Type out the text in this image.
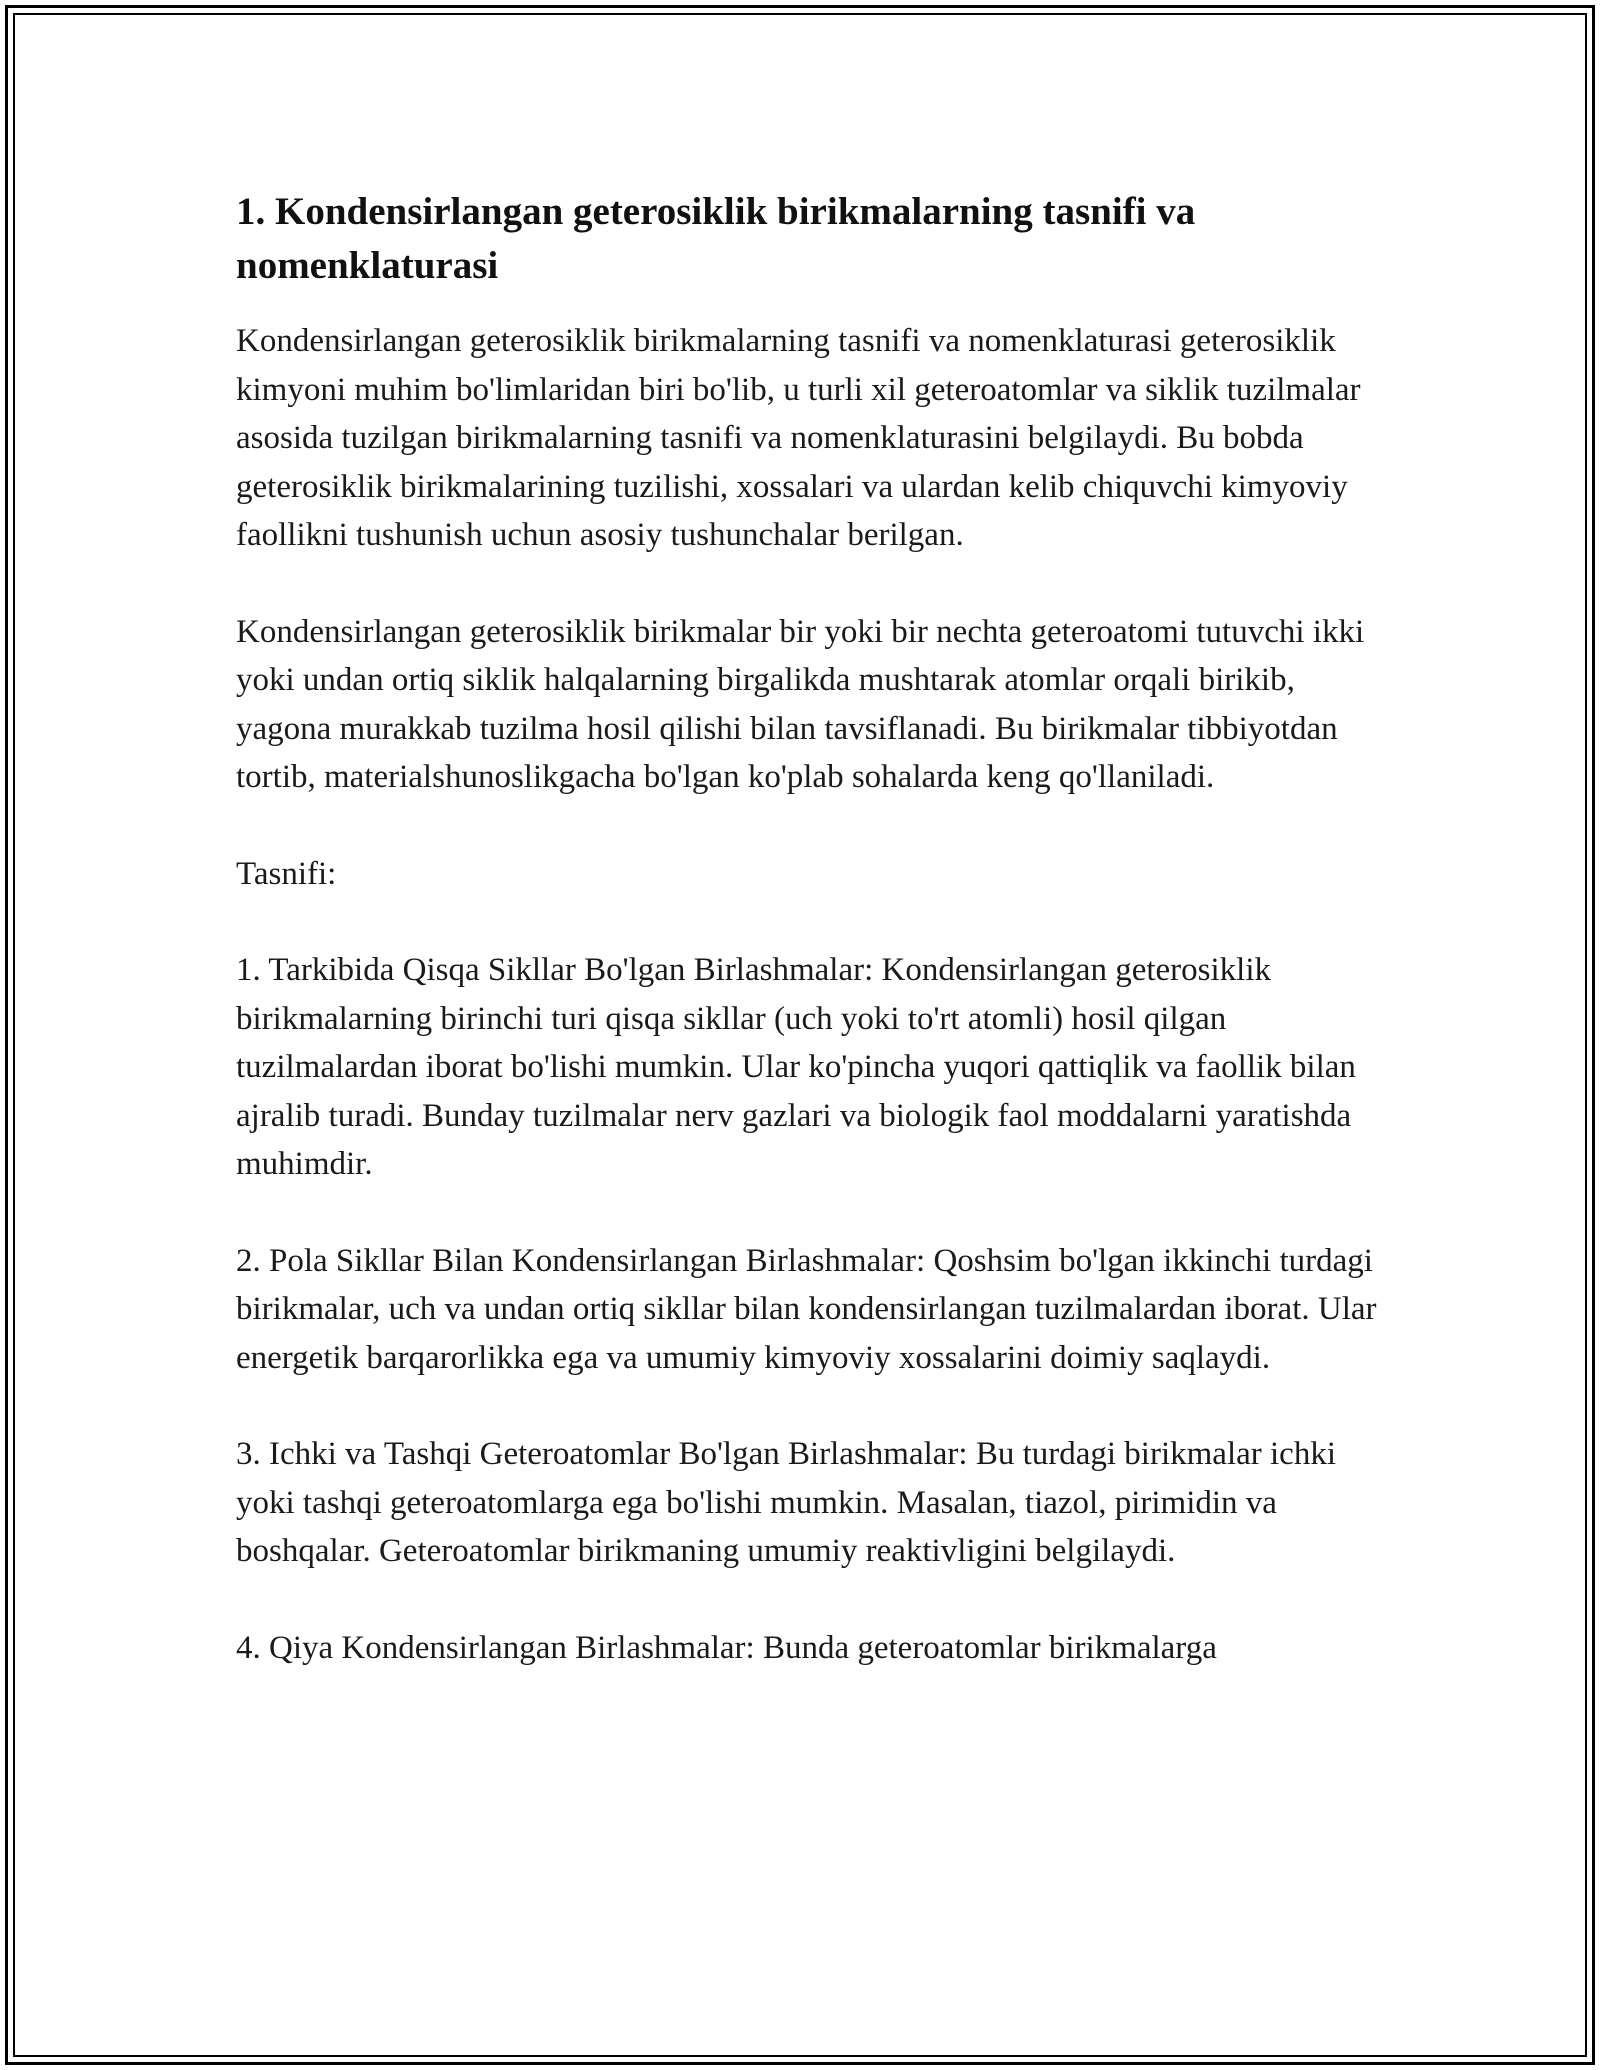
1. Kondensirlangan geterosiklik birikmalarning tasnifi va nomenklaturasi

Kondensirlangan geterosiklik birikmalarning tasnifi va nomenklaturasi geterosiklik kimyoni muhim bo'limlaridan biri bo'lib, u turli xil geteroatomlar va siklik tuzilmalar asosida tuzilgan birikmalarning tasnifi va nomenklaturasini belgilaydi. Bu bobda geterosiklik birikmalarining tuzilishi, xossalari va ulardan kelib chiquvchi kimyoviy faollikni tushunish uchun asosiy tushunchalar berilgan.

Kondensirlangan geterosiklik birikmalar bir yoki bir nechta geteroatomi tutuvchi ikki yoki undan ortiq siklik halqalarning birgalikda mushtarak atomlar orqali birikib, yagona murakkab tuzilma hosil qilishi bilan tavsiflanadi. Bu birikmalar tibbiyotdan tortib, materialshunoslikgacha bo'lgan ko'plab sohalarda keng qo'llaniladi.

Tasnifi:

1. Tarkibida Qisqa Sikllar Bo'lgan Birlashmalar: Kondensirlangan geterosiklik birikmalarning birinchi turi qisqa sikllar (uch yoki to'rt atomli) hosil qilgan tuzilmalardan iborat bo'lishi mumkin. Ular ko'pincha yuqori qattiqlik va faollik bilan ajralib turadi. Bunday tuzilmalar nerv gazlari va biologik faol moddalarni yaratishda muhimdir.

2. Pola Sikllar Bilan Kondensirlangan Birlashmalar: Qoshsim bo'lgan ikkinchi turdagi birikmalar, uch va undan ortiq sikllar bilan kondensirlangan tuzilmalardan iborat. Ular energetik barqarorlikka ega va umumiy kimyoviy xossalarini doimiy saqlaydi.

3. Ichki va Tashqi Geteroatomlar Bo'lgan Birlashmalar: Bu turdagi birikmalar ichki yoki tashqi geteroatomlarga ega bo'lishi mumkin. Masalan, tiazol, pirimidin va boshqalar. Geteroatomlar birikmaning umumiy reaktivligini belgilaydi.

4. Qiya Kondensirlangan Birlashmalar: Bunda geteroatomlar birikmalarga
